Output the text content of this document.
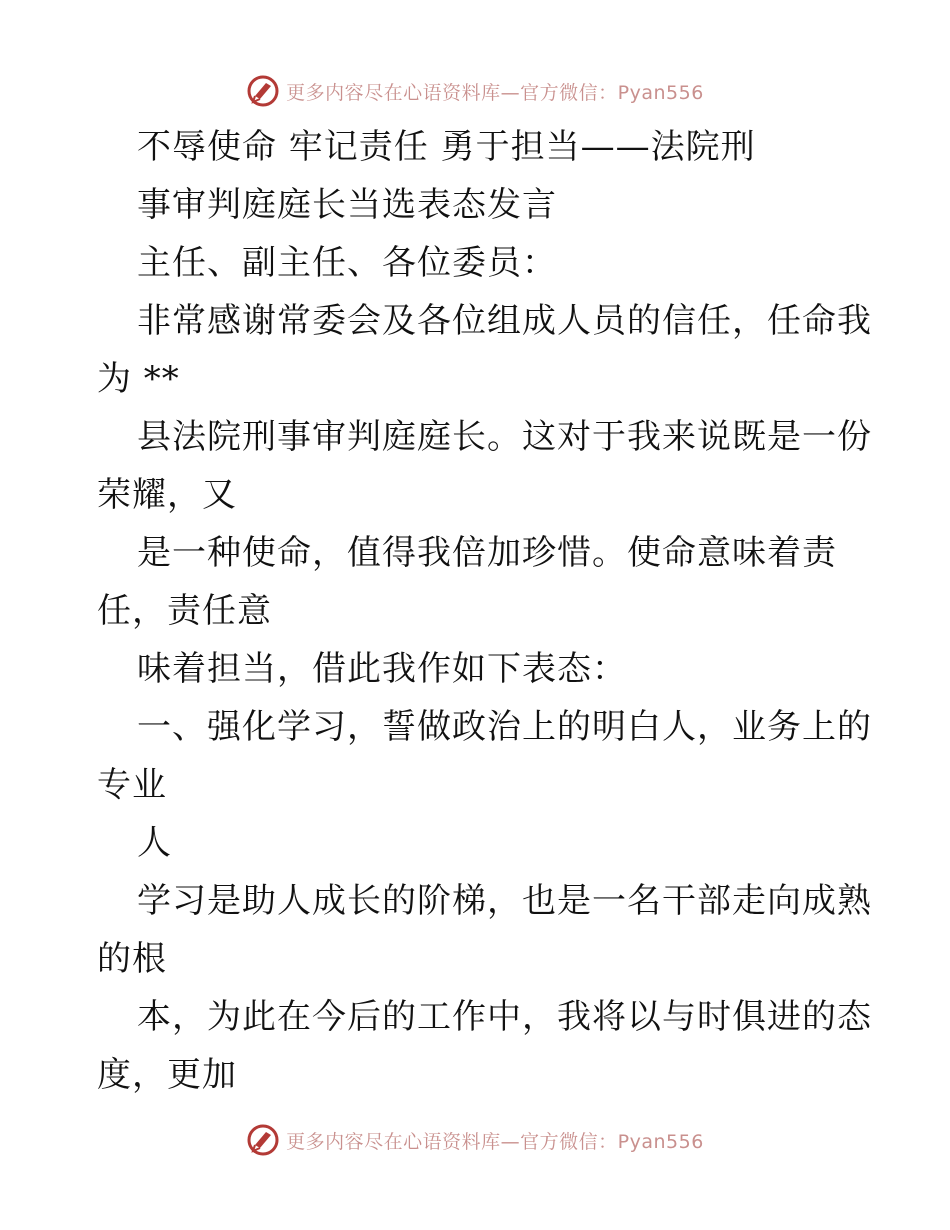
更多内容尽在心语资料库—官方微信：Pyan556
不辱使命 牢记责任 勇于担当——法院刑
事审判庭庭长当选表态发言
主任、副主任、各位委员：
非常感谢常委会及各位组成人员的信任，任命我
为 **
县法院刑事审判庭庭长。这对于我来说既是一份
荣耀，又
是一种使命，值得我倍加珍惜。使命意味着责
任，责任意
味着担当，借此我作如下表态：
一、强化学习，誓做政治上的明白人，业务上的
专业
人
学习是助人成长的阶梯，也是一名干部走向成熟
的根
本，为此在今后的工作中，我将以与时俱进的态
度，更加
更多内容尽在心语资料库—官方微信：Pyan556
